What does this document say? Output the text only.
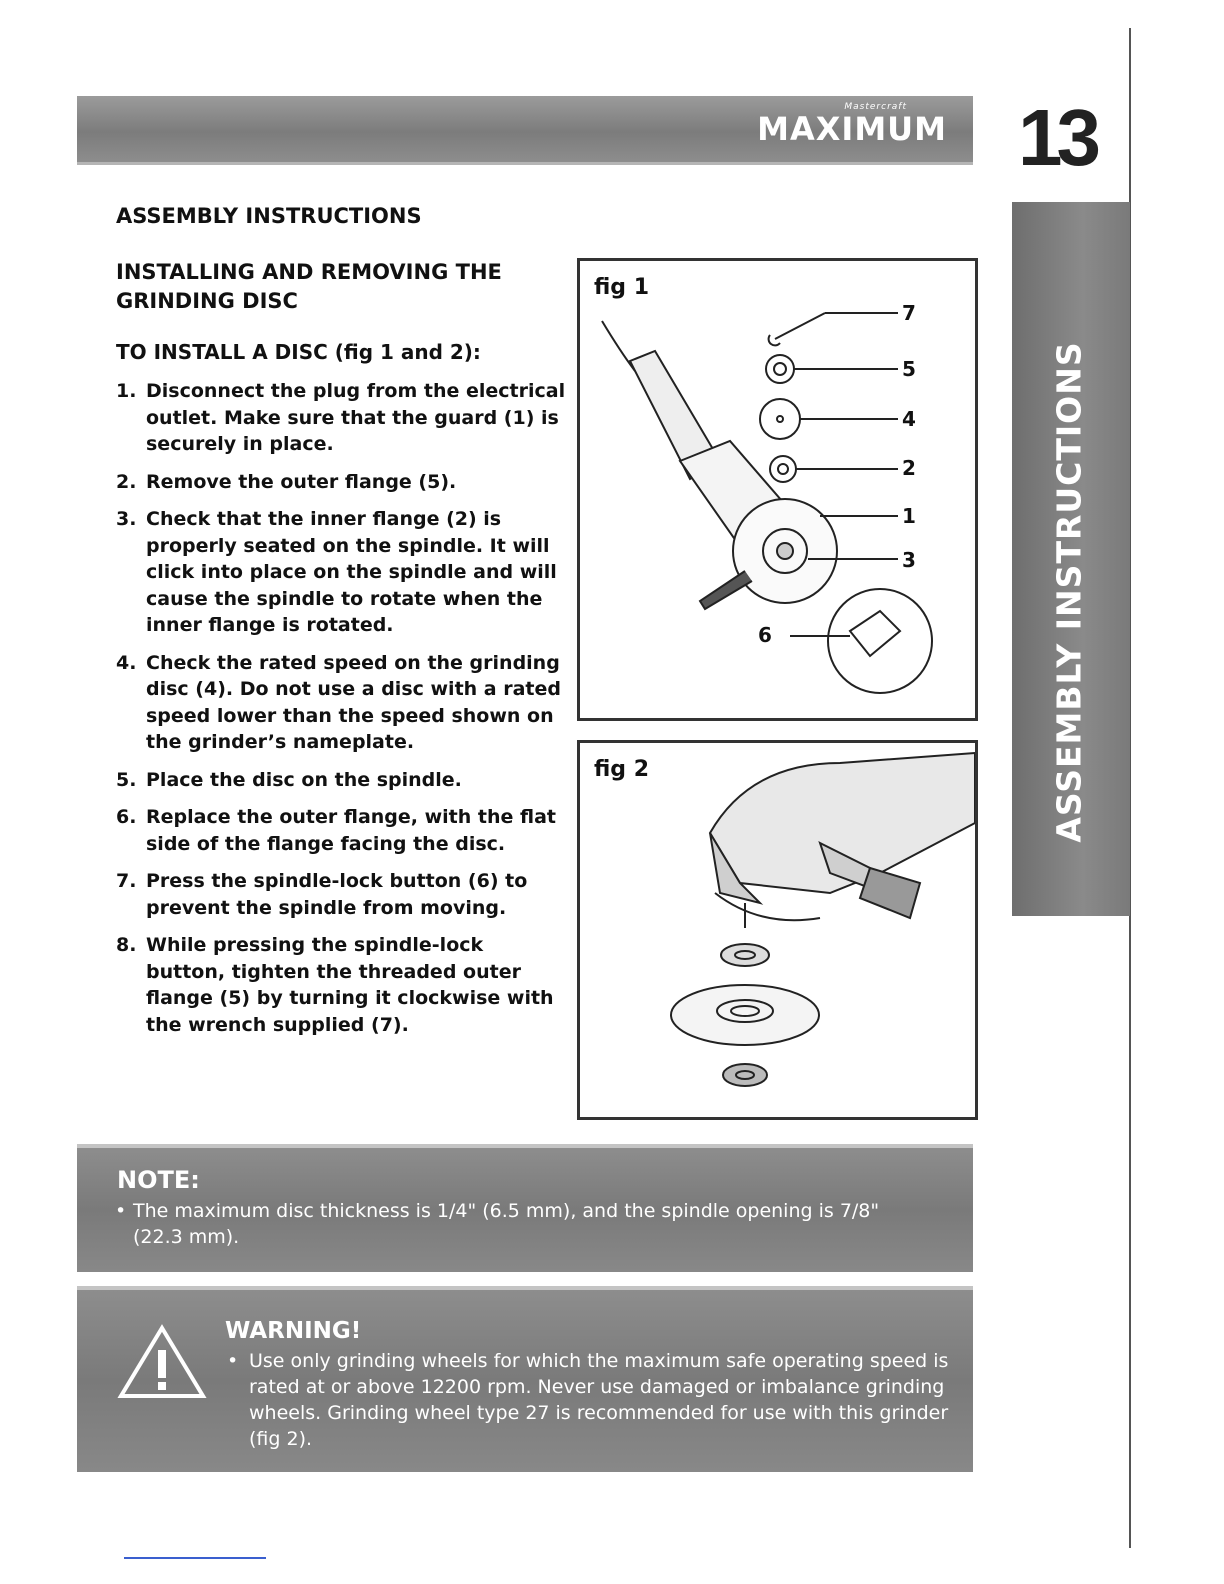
Mastercraft
MAXIMUM 13
ASSEMBLY INSTRUCTIONS
ASSEMBLY INSTRUCTIONS
INSTALLING AND REMOVING THE GRINDING DISC
TO INSTALL A DISC (fig 1 and 2):
1. Disconnect the plug from the electrical outlet. Make sure that the guard (1) is securely in place.
2. Remove the outer flange (5).
3. Check that the inner flange (2) is properly seated on the spindle. It will click into place on the spindle and will cause the spindle to rotate when the inner flange is rotated.
4. Check the rated speed on the grinding disc (4). Do not use a disc with a rated speed lower than the speed shown on the grinder’s nameplate.
5. Place the disc on the spindle.
6. Replace the outer flange, with the flat side of the flange facing the disc.
7. Press the spindle-lock button (6) to prevent the spindle from moving.
8. While pressing the spindle-lock button, tighten the threaded outer flange (5) by turning it clockwise with the wrench supplied (7).
fig 1
7
5
4
2
1
3
6
fig 2
NOTE:
• The maximum disc thickness is 1/4" (6.5 mm), and the spindle opening is 7/8" (22.3 mm).
WARNING!
• Use only grinding wheels for which the maximum safe operating speed is rated at or above 12200 rpm. Never use damaged or imbalance grinding wheels. Grinding wheel type 27 is recommended for use with this grinder (fig 2).
